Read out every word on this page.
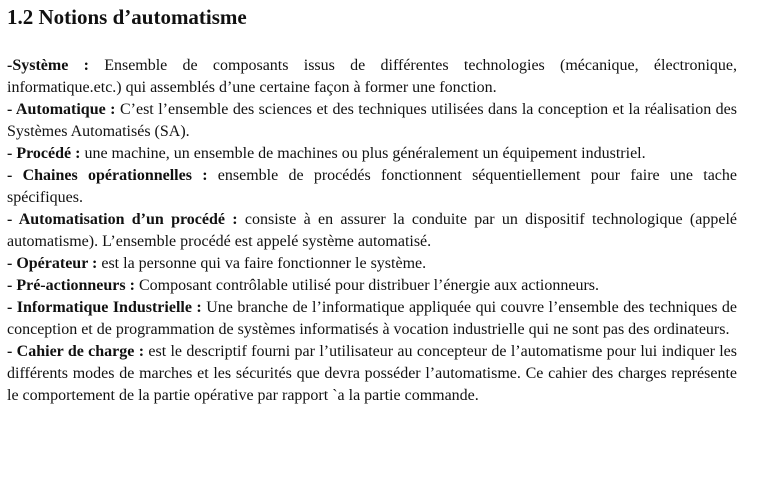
1.2 Notions d’automatisme

-Système : Ensemble de composants issus de différentes technologies (mécanique, électronique, informatique.etc.) qui assemblés d’une certaine façon à former une fonction.

- Automatique : C’est l’ensemble des sciences et des techniques utilisées dans la conception et la réalisation des Systèmes Automatisés (SA).

- Procédé : une machine, un ensemble de machines ou plus généralement un équipement industriel.

- Chaines opérationnelles : ensemble de procédés fonctionnent séquentiellement pour faire une tache spécifiques.

- Automatisation d’un procédé : consiste à en assurer la conduite par un dispositif technologique (appelé automatisme). L’ensemble procédé est appelé système automatisé.

- Opérateur : est la personne qui va faire fonctionner le système.

- Pré-actionneurs : Composant contrôlable utilisé pour distribuer l’énergie aux actionneurs.

- Informatique Industrielle : Une branche de l’informatique appliquée qui couvre l’ensemble des techniques de conception et de programmation de systèmes informatisés à vocation industrielle qui ne sont pas des ordinateurs.

- Cahier de charge : est le descriptif fourni par l’utilisateur au concepteur de l’automatisme pour lui indiquer les différents modes de marches et les sécurités que devra posséder l’automatisme. Ce cahier des charges représente le comportement de la partie opérative par rapport `a la partie commande.
